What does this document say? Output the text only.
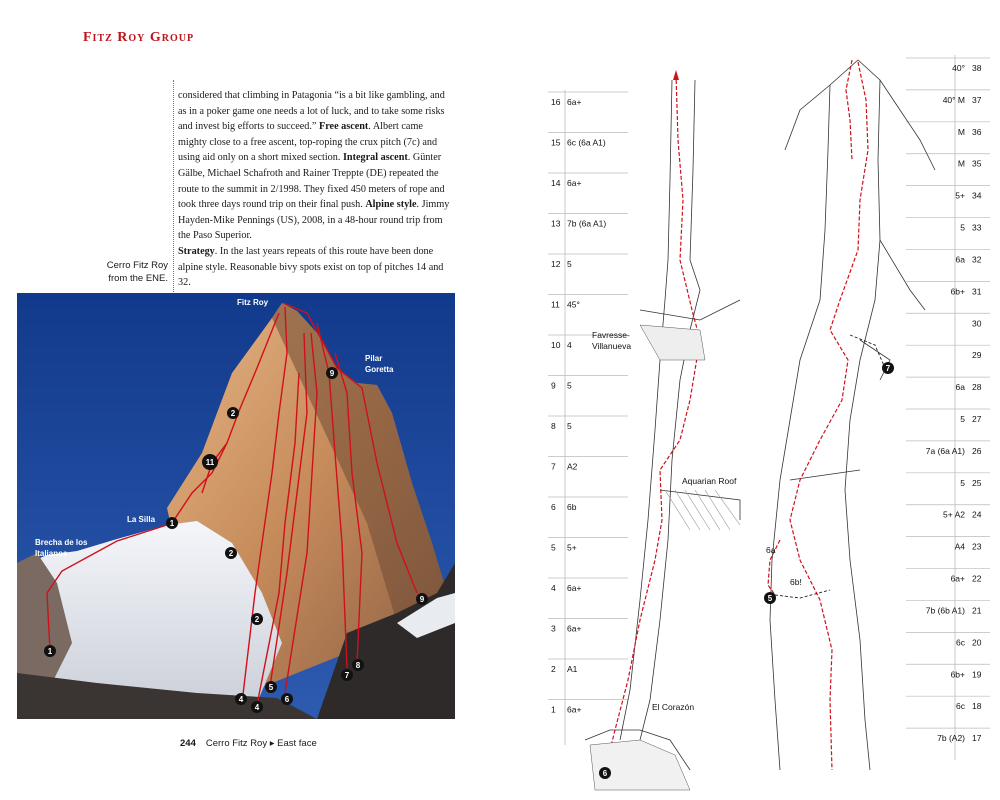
Fitz Roy Group

considered that climbing in Patagonia “is a bit like gambling, and as in a poker game one needs a lot of luck, and to take some risks and invest big efforts to succeed.” Free ascent. Albert came mighty close to a free ascent, top-roping the crux pitch (7c) and using aid only on a short mixed section. Integral ascent. Günter Gälbe, Michael Schafroth and Rainer Treppte (DE) repeated the route to the summit in 2/1998. They fixed 450 meters of rope and took three days round trip on their final push. Alpine style. Jimmy Hayden-Mike Pennings (US), 2008, in a 48-hour round trip from the Paso Superior.

Strategy. In the last years repeats of this route have been done alpine style. Reasonable bivy spots exist on top of pitches 14 and 32.

Cerro Fitz Roy
from the ENE.
1
1
2
2
2
4
4
5
6
7
8
9
9
11
Fitz Roy
Pilar
Goretta
La Silla
Brecha de los
Italianos
244 Cerro Fitz Roy ▸ East face
16 6a+
15 6c (6a A1)
14 6a+
13 7b (6a A1)
12 5
11 45°
10 4
9 5
8 5
7 A2
6 6b
5 5+
4 6a+
3 6a+
2 A1
1 6a+
38
40°
37
40° M
36
M
35
M
34
5+
33
5
32
6a
31
6b+
30
29
28
6a
27
5
26
7a (6a A1)
25
5
24
5+ A2
23
A4
22
6a+
21
7b (6b A1)
20
6c
19
6b+
18
6c
17
7b (A2)
6
Favresse-
Villanueva
Aquarian Roof
El Corazón
7
5
6a
6b!
